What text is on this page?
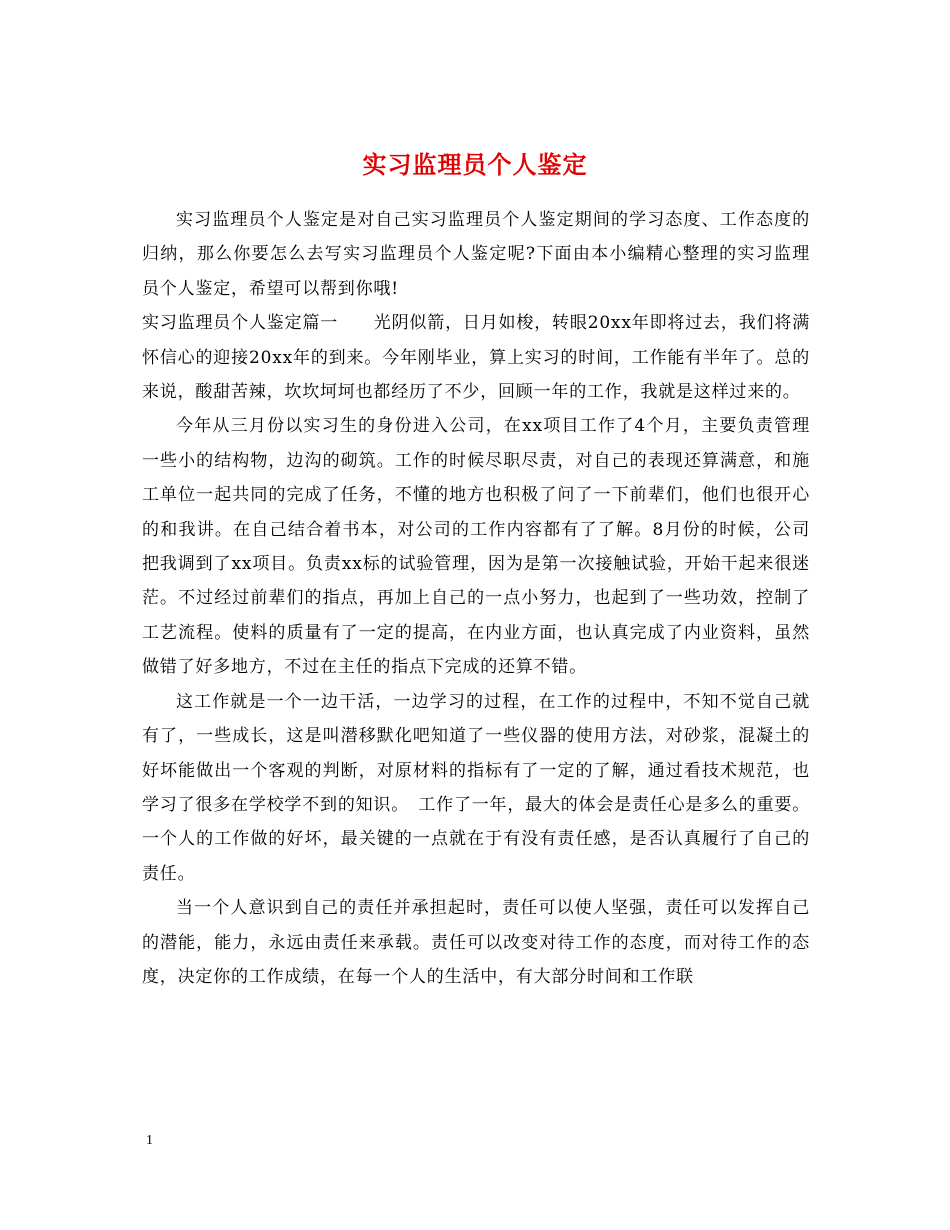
实习监理员个人鉴定

实习监理员个人鉴定是对自己实习监理员个人鉴定期间的学习态度、工作态度的归纳，那么你要怎么去写实习监理员个人鉴定呢?下面由本小编精心整理的实习监理员个人鉴定，希望可以帮到你哦!

实习监理员个人鉴定篇一　　光阴似箭，日月如梭，转眼20xx年即将过去，我们将满怀信心的迎接20xx年的到来。今年刚毕业，算上实习的时间，工作能有半年了。总的来说，酸甜苦辣，坎坎坷坷也都经历了不少，回顾一年的工作，我就是这样过来的。

今年从三月份以实习生的身份进入公司，在xx项目工作了4个月，主要负责管理一些小的结构物，边沟的砌筑。工作的时候尽职尽责，对自己的表现还算满意，和施工单位一起共同的完成了任务，不懂的地方也积极了问了一下前辈们，他们也很开心的和我讲。在自己结合着书本，对公司的工作内容都有了了解。8月份的时候，公司把我调到了xx项目。负责xx标的试验管理，因为是第一次接触试验，开始干起来很迷茫。不过经过前辈们的指点，再加上自己的一点小努力，也起到了一些功效，控制了工艺流程。使料的质量有了一定的提高，在内业方面，也认真完成了内业资料，虽然做错了好多地方，不过在主任的指点下完成的还算不错。

这工作就是一个一边干活，一边学习的过程，在工作的过程中，不知不觉自己就有了，一些成长，这是叫潜移默化吧知道了一些仪器的使用方法，对砂浆，混凝土的好坏能做出一个客观的判断，对原材料的指标有了一定的了解，通过看技术规范，也学习了很多在学校学不到的知识。　工作了一年，最大的体会是责任心是多么的重要。一个人的工作做的好坏，最关键的一点就在于有没有责任感，是否认真履行了自己的责任。

当一个人意识到自己的责任并承担起时，责任可以使人坚强，责任可以发挥自己的潜能，能力，永远由责任来承载。责任可以改变对待工作的态度，而对待工作的态度，决定你的工作成绩，在每一个人的生活中，有大部分时间和工作联

1
